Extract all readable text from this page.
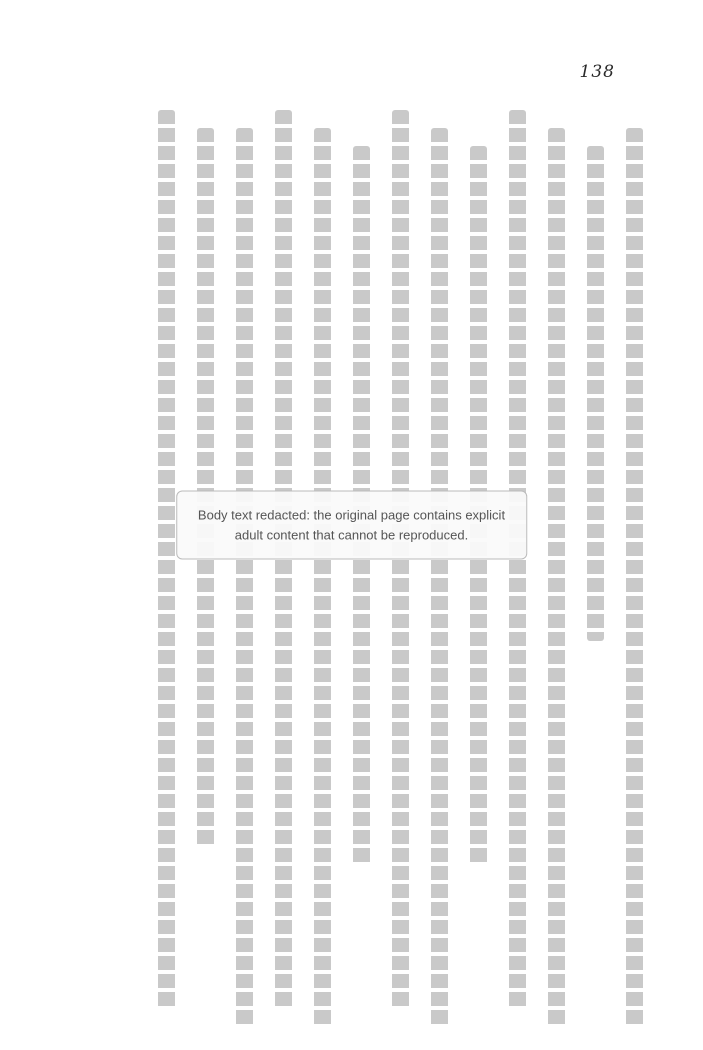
138
Body text redacted: the original page contains explicit adult content that cannot be reproduced.
